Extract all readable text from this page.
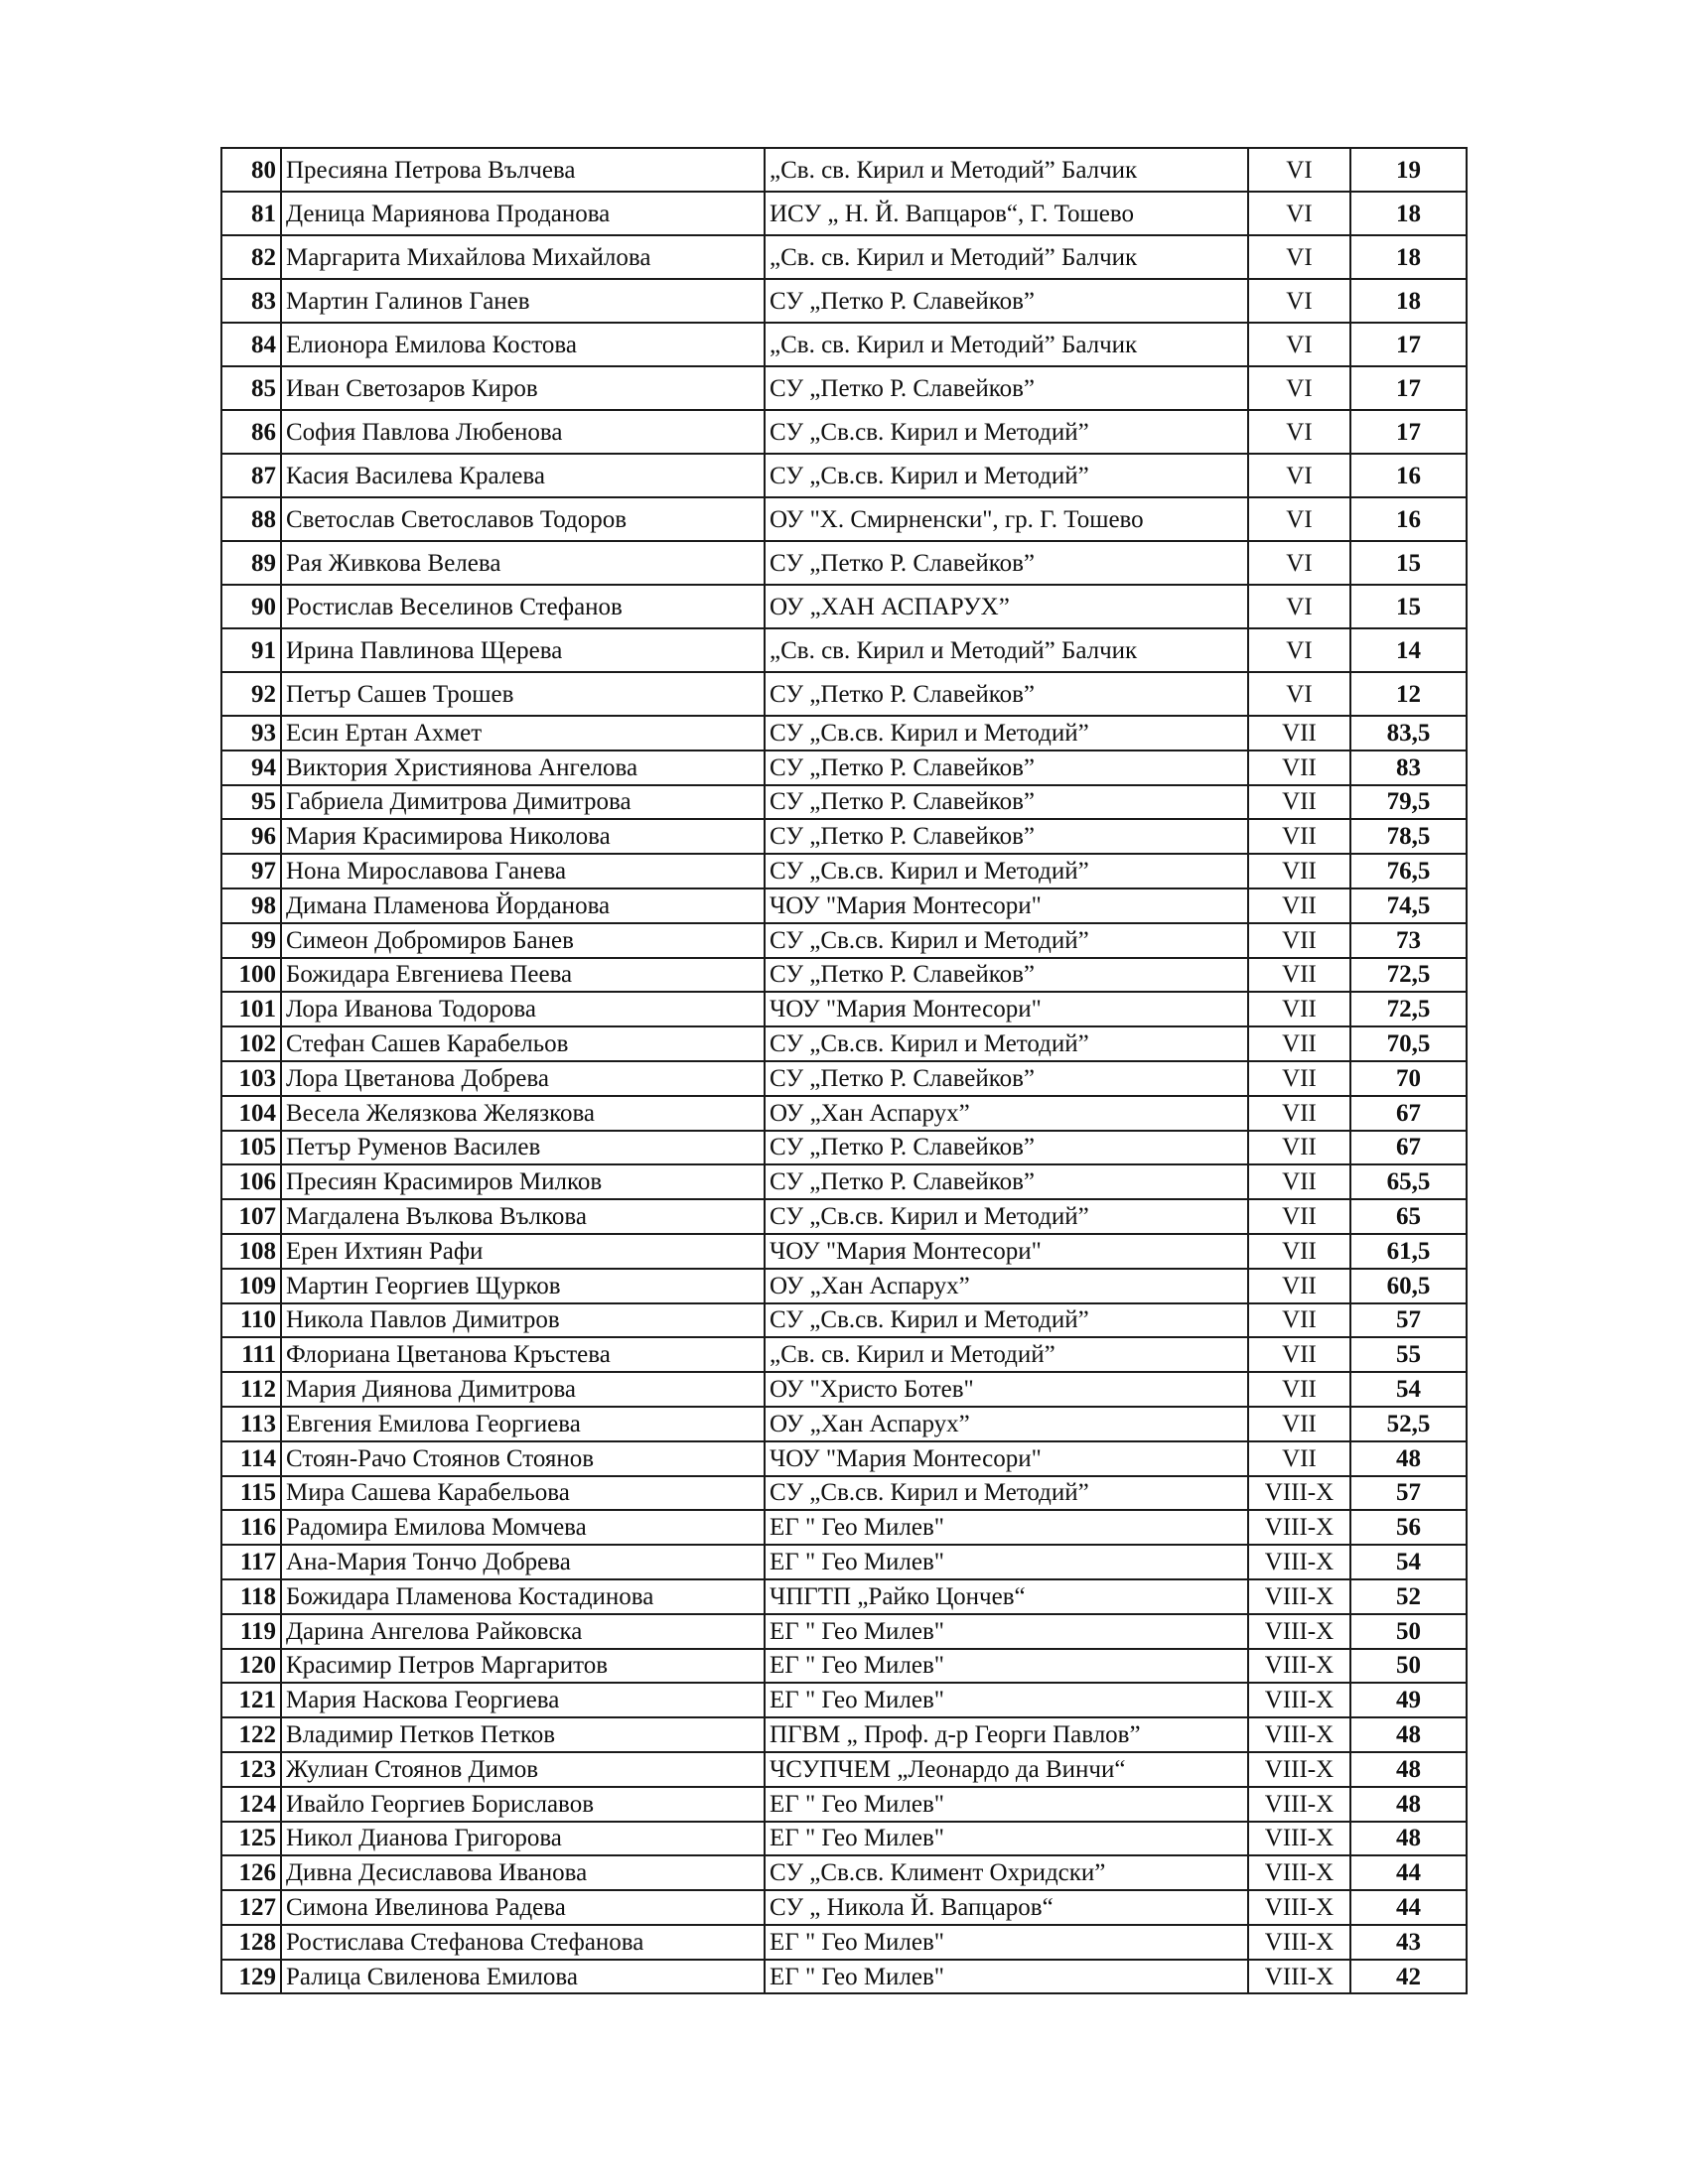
80	Пресияна Петрова Вълчева	„Св. св. Кирил и Методий” Балчик	VI	19
81	Деница Марияновa Проданова	ИСУ „ Н. Й. Вапцаров“, Г. Тошево	VI	18
82	Маргарита Михайлова Михайлова	„Св. св. Кирил и Методий” Балчик	VI	18
83	Мартин Галинов Ганев	СУ „Петко Р. Славейков”	VI	18
84	Елионора Емилова Костова	„Св. св. Кирил и Методий” Балчик	VI	17
85	Иван Светозаров Киров	СУ „Петко Р. Славейков”	VI	17
86	София Павлова Любенова	СУ „Св.св. Кирил и Методий”	VI	17
87	Касия Василева Кралева	СУ „Св.св. Кирил и Методий”	VI	16
88	Светослав Светославов Тодоров	ОУ "Х. Смирненски", гр. Г. Тошево	VI	16
89	Рая Живкова Велева	СУ „Петко Р. Славейков”	VI	15
90	Ростислав Веселинов Стефанов	ОУ „ХАН АСПАРУХ”	VI	15
91	Ирина Павлинова Щерева	„Св. св. Кирил и Методий” Балчик	VI	14
92	Петър Сашев Трошев	СУ „Петко Р. Славейков”	VI	12
93	Есин Ертан Ахмет	СУ „Св.св. Кирил и Методий”	VII	83,5
94	Виктория Християнова Ангелова	СУ „Петко Р. Славейков”	VII	83
95	Габриела Димитрова Димитрова	СУ „Петко Р. Славейков”	VII	79,5
96	Мария Красимирова Николова	СУ „Петко Р. Славейков”	VII	78,5
97	Нона Мирославова Ганева	СУ „Св.св. Кирил и Методий”	VII	76,5
98	Димана Пламенова Йорданова	ЧОУ "Мария Монтесори"	VII	74,5
99	Симеон Добромиров Банев	СУ „Св.св. Кирил и Методий”	VII	73
100	Божидара Евгениева Пеева	СУ „Петко Р. Славейков”	VII	72,5
101	Лора Иванова Тодорова	ЧОУ "Мария Монтесори"	VII	72,5
102	Стефан Сашев Карабельов	СУ „Св.св. Кирил и Методий”	VII	70,5
103	Лора Цветанова Добрева	СУ „Петко Р. Славейков”	VII	70
104	Весела Желязкова Желязкова	ОУ „Хан Аспарух”	VII	67
105	Петър Руменов Василев	СУ „Петко Р. Славейков”	VII	67
106	Пресиян Красимиров Милков	СУ „Петко Р. Славейков”	VII	65,5
107	Магдалена Вълкова Вълкова	СУ „Св.св. Кирил и Методий”	VII	65
108	Ерен Ихтиян Рафи	ЧОУ "Мария Монтесори"	VII	61,5
109	Мартин Георгиев Щурков	ОУ „Хан Аспарух”	VII	60,5
110	Никола Павлов Димитров	СУ „Св.св. Кирил и Методий”	VII	57
111	Флориана Цветанова Кръстева	„Св. св. Кирил и Методий”	VII	55
112	Мария Диянова Димитрова	ОУ "Христо Ботев"	VII	54
113	Евгения Емилова Георгиева	ОУ „Хан Аспарух”	VII	52,5
114	Стоян-Рачо Стоянов Стоянов	ЧОУ "Мария Монтесори"	VII	48
115	Мира Сашева Карабельова	СУ „Св.св. Кирил и Методий”	VIII-X	57
116	Радомира Емилова Момчева	ЕГ " Гео Милев"	VIII-X	56
117	Ана-Мария Тончо Добрева	ЕГ " Гео Милев"	VIII-X	54
118	Божидара Пламенова Костадинова	ЧПГТП „Райко Цончев“	VIII-X	52
119	Дарина Ангелова Райковска	ЕГ " Гео Милев"	VIII-X	50
120	Красимир Петров Маргаритов	ЕГ " Гео Милев"	VIII-X	50
121	Мария Наскова Георгиева	ЕГ " Гео Милев"	VIII-X	49
122	Владимир Петков Петков	ПГВМ „ Проф. д-р Георги Павлов”	VIII-X	48
123	Жулиан Стоянов Димов	ЧСУПЧЕМ „Леонардо да Винчи“	VIII-X	48
124	Ивайло Георгиев Бориславов	ЕГ " Гео Милев"	VIII-X	48
125	Никол Дианова Григорова	ЕГ " Гео Милев"	VIII-X	48
126	Дивна Десиславова Иванова	СУ „Св.св. Климент Охридски”	VIII-X	44
127	Симона Ивелинова Радева	СУ „ Никола Й. Вапцаров“	VIII-X	44
128	Ростислава Стефанова Стефанова	ЕГ " Гео Милев"	VIII-X	43
129	Ралица Свиленова Емилова	ЕГ " Гео Милев"	VIII-X	42
